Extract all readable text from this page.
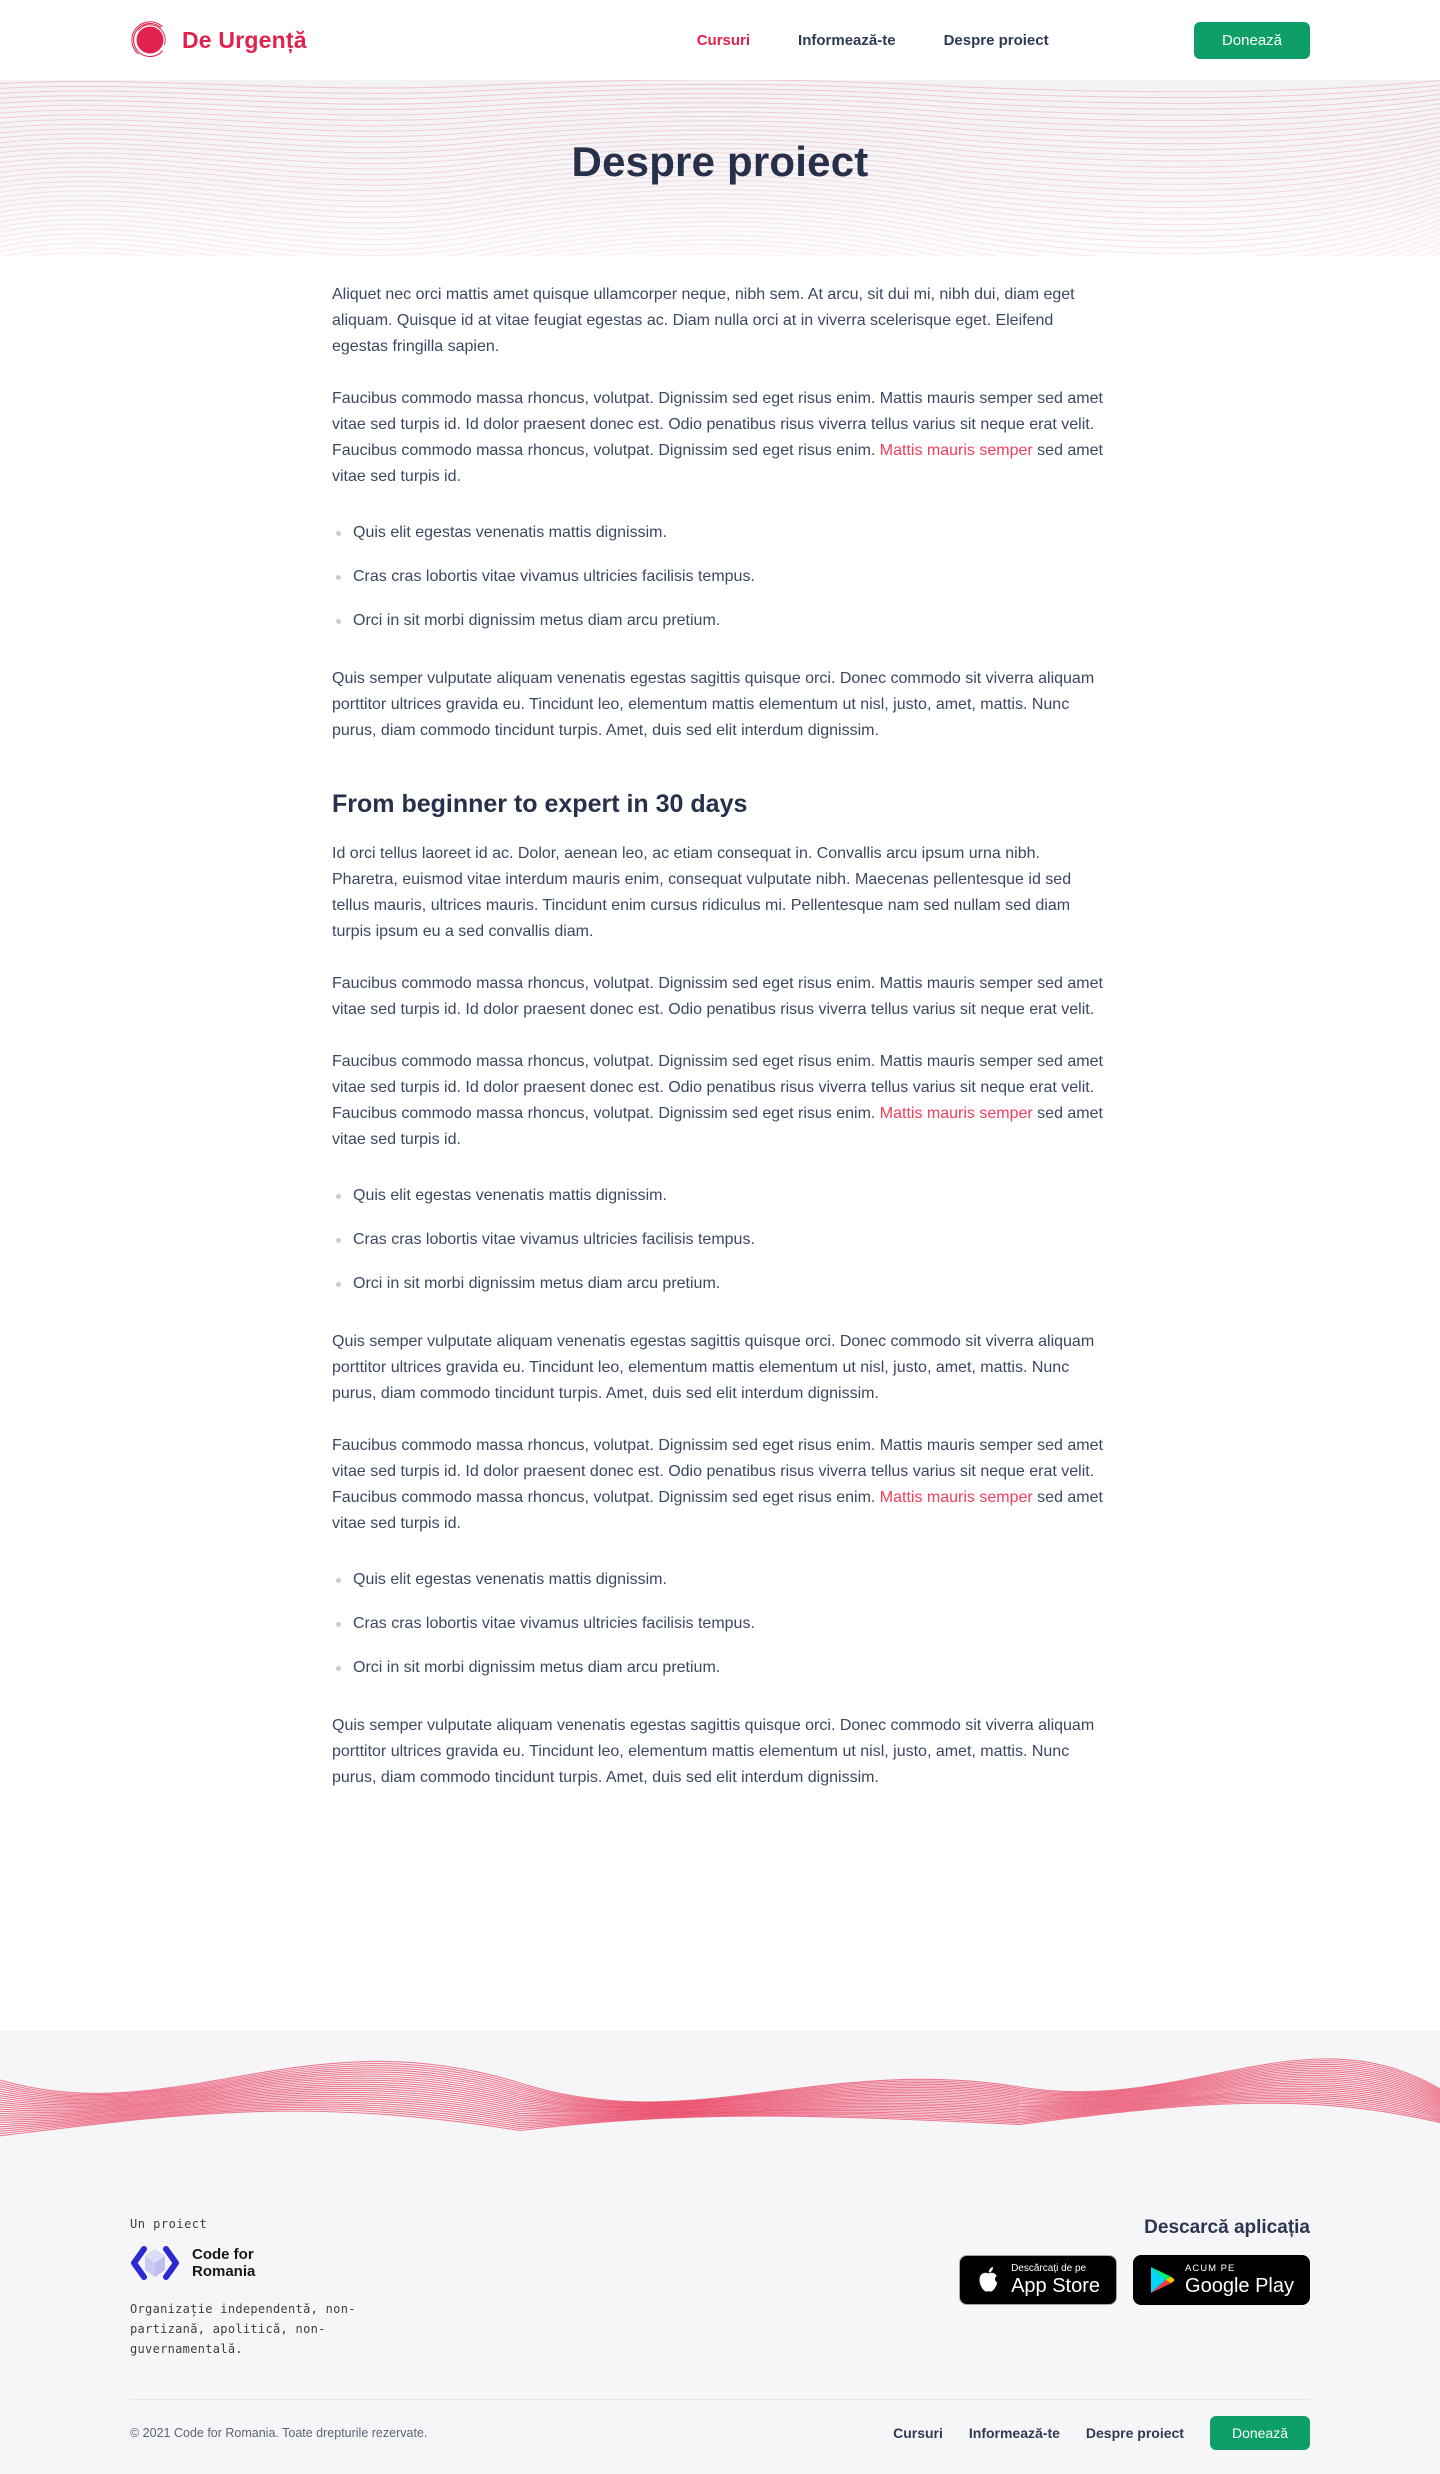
De Urgență	Cursuri	Informează-te	Despre proiect	Donează
Despre proiect

Aliquet nec orci mattis amet quisque ullamcorper neque, nibh sem. At arcu, sit dui mi, nibh dui, diam eget aliquam. Quisque id at vitae feugiat egestas ac. Diam nulla orci at in viverra scelerisque eget. Eleifend egestas fringilla sapien.

Faucibus commodo massa rhoncus, volutpat. Dignissim sed eget risus enim. Mattis mauris semper sed amet vitae sed turpis id. Id dolor praesent donec est. Odio penatibus risus viverra tellus varius sit neque erat velit. Faucibus commodo massa rhoncus, volutpat. Dignissim sed eget risus enim. Mattis mauris semper sed amet vitae sed turpis id.

Quis elit egestas venenatis mattis dignissim.
Cras cras lobortis vitae vivamus ultricies facilisis tempus.
Orci in sit morbi dignissim metus diam arcu pretium.

Quis semper vulputate aliquam venenatis egestas sagittis quisque orci. Donec commodo sit viverra aliquam porttitor ultrices gravida eu. Tincidunt leo, elementum mattis elementum ut nisl, justo, amet, mattis. Nunc purus, diam commodo tincidunt turpis. Amet, duis sed elit interdum dignissim.

From beginner to expert in 30 days

Id orci tellus laoreet id ac. Dolor, aenean leo, ac etiam consequat in. Convallis arcu ipsum urna nibh. Pharetra, euismod vitae interdum mauris enim, consequat vulputate nibh. Maecenas pellentesque id sed tellus mauris, ultrices mauris. Tincidunt enim cursus ridiculus mi. Pellentesque nam sed nullam sed diam turpis ipsum eu a sed convallis diam.

Faucibus commodo massa rhoncus, volutpat. Dignissim sed eget risus enim. Mattis mauris semper sed amet vitae sed turpis id. Id dolor praesent donec est. Odio penatibus risus viverra tellus varius sit neque erat velit.

Faucibus commodo massa rhoncus, volutpat. Dignissim sed eget risus enim. Mattis mauris semper sed amet vitae sed turpis id. Id dolor praesent donec est. Odio penatibus risus viverra tellus varius sit neque erat velit. Faucibus commodo massa rhoncus, volutpat. Dignissim sed eget risus enim. Mattis mauris semper sed amet vitae sed turpis id.

Quis elit egestas venenatis mattis dignissim.
Cras cras lobortis vitae vivamus ultricies facilisis tempus.
Orci in sit morbi dignissim metus diam arcu pretium.

Quis semper vulputate aliquam venenatis egestas sagittis quisque orci. Donec commodo sit viverra aliquam porttitor ultrices gravida eu. Tincidunt leo, elementum mattis elementum ut nisl, justo, amet, mattis. Nunc purus, diam commodo tincidunt turpis. Amet, duis sed elit interdum dignissim.

Faucibus commodo massa rhoncus, volutpat. Dignissim sed eget risus enim. Mattis mauris semper sed amet vitae sed turpis id. Id dolor praesent donec est. Odio penatibus risus viverra tellus varius sit neque erat velit. Faucibus commodo massa rhoncus, volutpat. Dignissim sed eget risus enim. Mattis mauris semper sed amet vitae sed turpis id.

Quis elit egestas venenatis mattis dignissim.
Cras cras lobortis vitae vivamus ultricies facilisis tempus.
Orci in sit morbi dignissim metus diam arcu pretium.

Quis semper vulputate aliquam venenatis egestas sagittis quisque orci. Donec commodo sit viverra aliquam porttitor ultrices gravida eu. Tincidunt leo, elementum mattis elementum ut nisl, justo, amet, mattis. Nunc purus, diam commodo tincidunt turpis. Amet, duis sed elit interdum dignissim.

Un proiect
Code for
Romania
Organizație independentă, non-partizană, apolitică, non-guvernamentală.
Descarcă aplicația
Descărcați de pe
App Store
ACUM PE
Google Play
© 2021 Code for Romania. Toate drepturile rezervate.	Cursuri Informează-te Despre proiect	Donează
